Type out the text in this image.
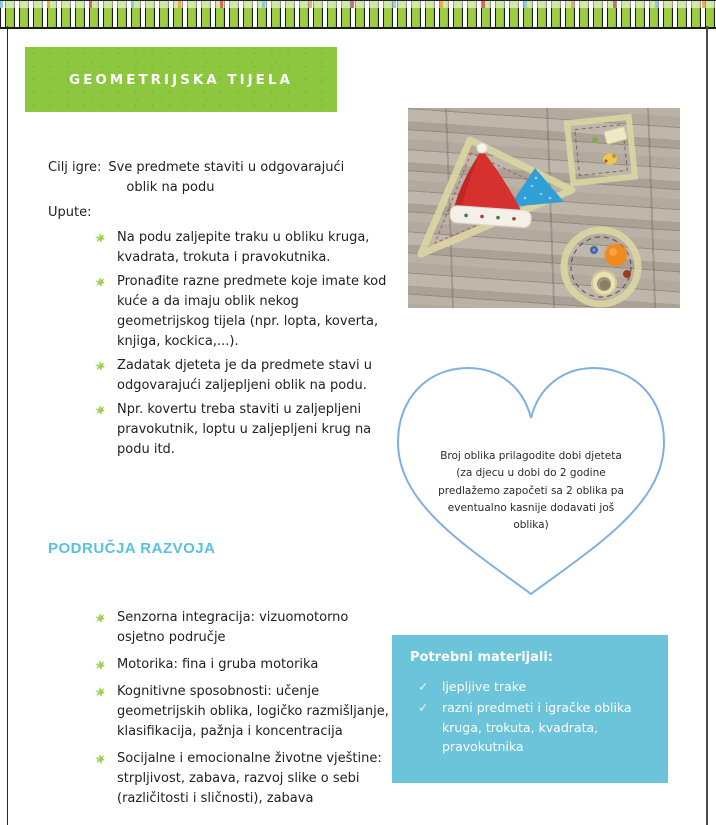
GEOMETRIJSKA TIJELA
Cilj igre: Sve predmete staviti u odgovarajući
oblik na podu
Upute:
Na podu zaljepite traku u obliku kruga, kvadrata, trokuta i pravokutnika.
Pronađite razne predmete koje imate kod kuće a da imaju oblik nekog geometrijskog tijela (npr. lopta, koverta, knjiga, kockica,...).
Zadatak djeteta je da predmete stavi u odgovarajući zaljepljeni oblik na podu.
Npr. kovertu treba staviti u zaljepljeni pravokutnik, loptu u zaljepljeni krug na podu itd.	Broj oblika prilagodite dobi djeteta (za djecu u dobi do 2 godine predlažemo započeti sa 2 oblika pa eventualno kasnije dodavati još oblika)
PODRUČJA RAZVOJA
Senzorna integracija: vizuomotorno osjetno područje
Motorika: fina i gruba motorika
Kognitivne sposobnosti: učenje geometrijskih oblika, logičko razmišljanje, klasifikacija, pažnja i koncentracija
Socijalne i emocionalne životne vještine: strpljivost, zabava, razvoj slike o sebi (različitosti i sličnosti), zabava
Potrebni materijali:
✓	ljepljive trake
✓	razni predmeti i igračke oblika kruga, trokuta, kvadrata, pravokutnika
